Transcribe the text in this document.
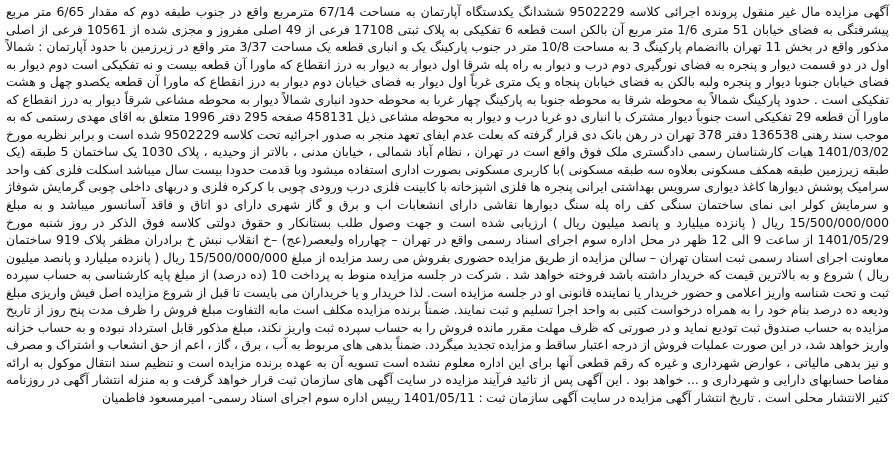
آگهی مزایده مال غیر منقول پرونده اجرائی کلاسه 9502229 ششدانگ یکدستگاه آپارتمان به مساحت 67/14 مترمربع واقع در جنوب طبقه دوم که مقدار 6/65 متر مربع پیشرفتگی به فضای خیابان 51 متری 1/6 متر مربع آن بالکن است قطعه 6 تفکیکی به پلاک ثبتی 17108 فرعی از 49 اصلی مفروز و مجزی شده از 10561 فرعی از اصلی مذکور واقع در بخش 11 تهران باانضمام پارکینگ 3 به مساحت 10/8 متر در جنوب پارکینگ یک و انباری قطعه یک مساحت 3/37 متر واقع در زیرزمین با حدود آپارتمان : شمالاً اول در دو قسمت دیوار و پنجره به فضای نورگیری دوم درب و دیوار به راه پله شرقا اول دیوار به دیوار به درز انقطاع که ماورا آن قطعه بیست و نه تفکیکی است دوم دیوار به فضای خیابان جنوبا دیوار و پنجره ولبه بالکن به فضای خیابان پنجاه و یک متری غرباً اول دیوار به فضای خیابان دوم دیوار به درز انقطاع که ماورا آن قطعه یکصدو چهل و هشت تفکیکی است . حدود پارکینگ شمالاً به محوطه شرقا به محوطه جنوبا به پارکینگ چهار غربا به محوطه حدود انباری شمالاً دیوار به محوطه مشاعی شرقاً دیوار به درز انقطاع که ماورا آن قطعه 29 تفکیکی است جنوباً دیوار مشترک با انباری دو غربا درب و دیوار به محوطه مشاعی ذیل 458131 صفحه 295 دفتر 1996 متعلق به اقای مهدی رستمی که به موجب سند رهنی 136538 دفتر 378 تهران در رهن بانک دی قرار گرفته که بعلت عدم ایفای تعهد منجر به صدور اجرائیه تحت کلاسه 9502229 شده است و برابر نظریه مورخ 1401/03/02 هیات کارشناسان رسمی دادگستری ملک فوق واقع است در تهران ، نظام آباد شمالی ، خیابان مدنی ، بالاتر از وحیدیه ، پلاک 1030 یک ساختمان 5 طبقه (یک طبقه زیرزمین طبقه همکف مسکونی بعلاوه سه طبقه مسکونی )با کاربری مسکونی بصورت اداری استفاده میشود وبا قدمت حدودا بیست سال میباشد اسکلت فلزی کف واحد سرامیک پوشش دیوارها کاغذ دیواری سرویس بهداشتی ایرانی پنجره ها فلزی اشپزخانه با کابینت فلزی درب ورودی چوبی با کرکره فلزی و دربهای داخلی چوبی گرمایش شوفاژ و سرمایش کولر ابی نمای ساختمان سنگی کف راه پله سنگ دیوارها نقاشی دارای انشعابات اب و برق و گاز شهری دارای دو اتاق و فاقد آسانسور میباشد و به مبلغ 15/500/000/000 ریال ( پانزده میلیارد و پانصد میلیون ریال ) ارزیابی شده است و جهت وصول طلب بستانکار و حقوق دولتی کلاسه فوق الذکر در روز شنبه مورخ 1401/05/29 از ساعت 9 الی 12 ظهر در محل اداره سوم اجرای اسناد رسمی واقع در تهران – چهارراه ولیعصر(عج) –خ انقلاب نبش خ برادران مظفر پلاک 919 ساختمان معاونت اجرای اسناد رسمی ثبت استان تهران – سالن مزایده از طریق مزایده حضوری بفروش می رسد مزایده از مبلغ 15/500/000/000 ریال ( پانزده میلیارد و پانصد میلیون ریال ) شروع و به بالاترین قیمت که خریدار داشته باشد فروخته خواهد شد . شرکت در جلسه مزایده منوط به پرداخت 10 (ده درصد) از مبلغ پایه کارشناسی به حساب سپرده ثبت و تحت شناسه واریز اعلامی و حضور خریدار یا نماینده قانونی او در جلسه مزایده است. لذا خریدار و یا خریداران می بایست تا قبل از شروع مزایده اصل فیش واریزی مبلغ ودیعه ده درصد بنام خود را به همراه درخواست کتبی به واحد اجرا تسلیم و ثبت نمایند. ضمناً برنده مزایده مکلف است مابه التفاوت مبلغ فروش را ظرف مدت پنج روز از تاریخ مزایده به حساب صندوق ثبت تودیع نماید و در صورتی که ظرف مهلت مقرر مانده فروش را به حساب سپرده ثبت واریز نکند، مبلغ مذکور قابل استرداد نبوده و به حساب خزانه واریز خواهد شد، در این صورت عملیات فروش از درجه اعتبار ساقط و مزایده تجدید میگردد. ضمناً بدهی های مربوط به آب ، برق ، گاز ، اعم از حق انشعاب و اشتراک و مصرف و نیز بدهی مالیاتی ، عوارض شهرداری و غیره که رقم قطعی آنها برای این اداره معلوم نشده است تسویه آن به عهده برنده مزایده است و تنظیم سند انتقال موکول به ارائه مفاصا حسابهای دارایی و شهرداری و ... خواهد بود . این آگهی پس از تائید فرآیند مزایده در سایت آگهی های سازمان ثبت قرار خواهد گرفت و به منزله انتشار آگهی در روزنامه کثیر الانتشار محلی است . تاریخ انتشار آگهی مزایده در سایت آگهی سازمان ثبت : 1401/05/11 رییس اداره سوم اجرای اسناد رسمی- امیرمسعود فاطمیان
